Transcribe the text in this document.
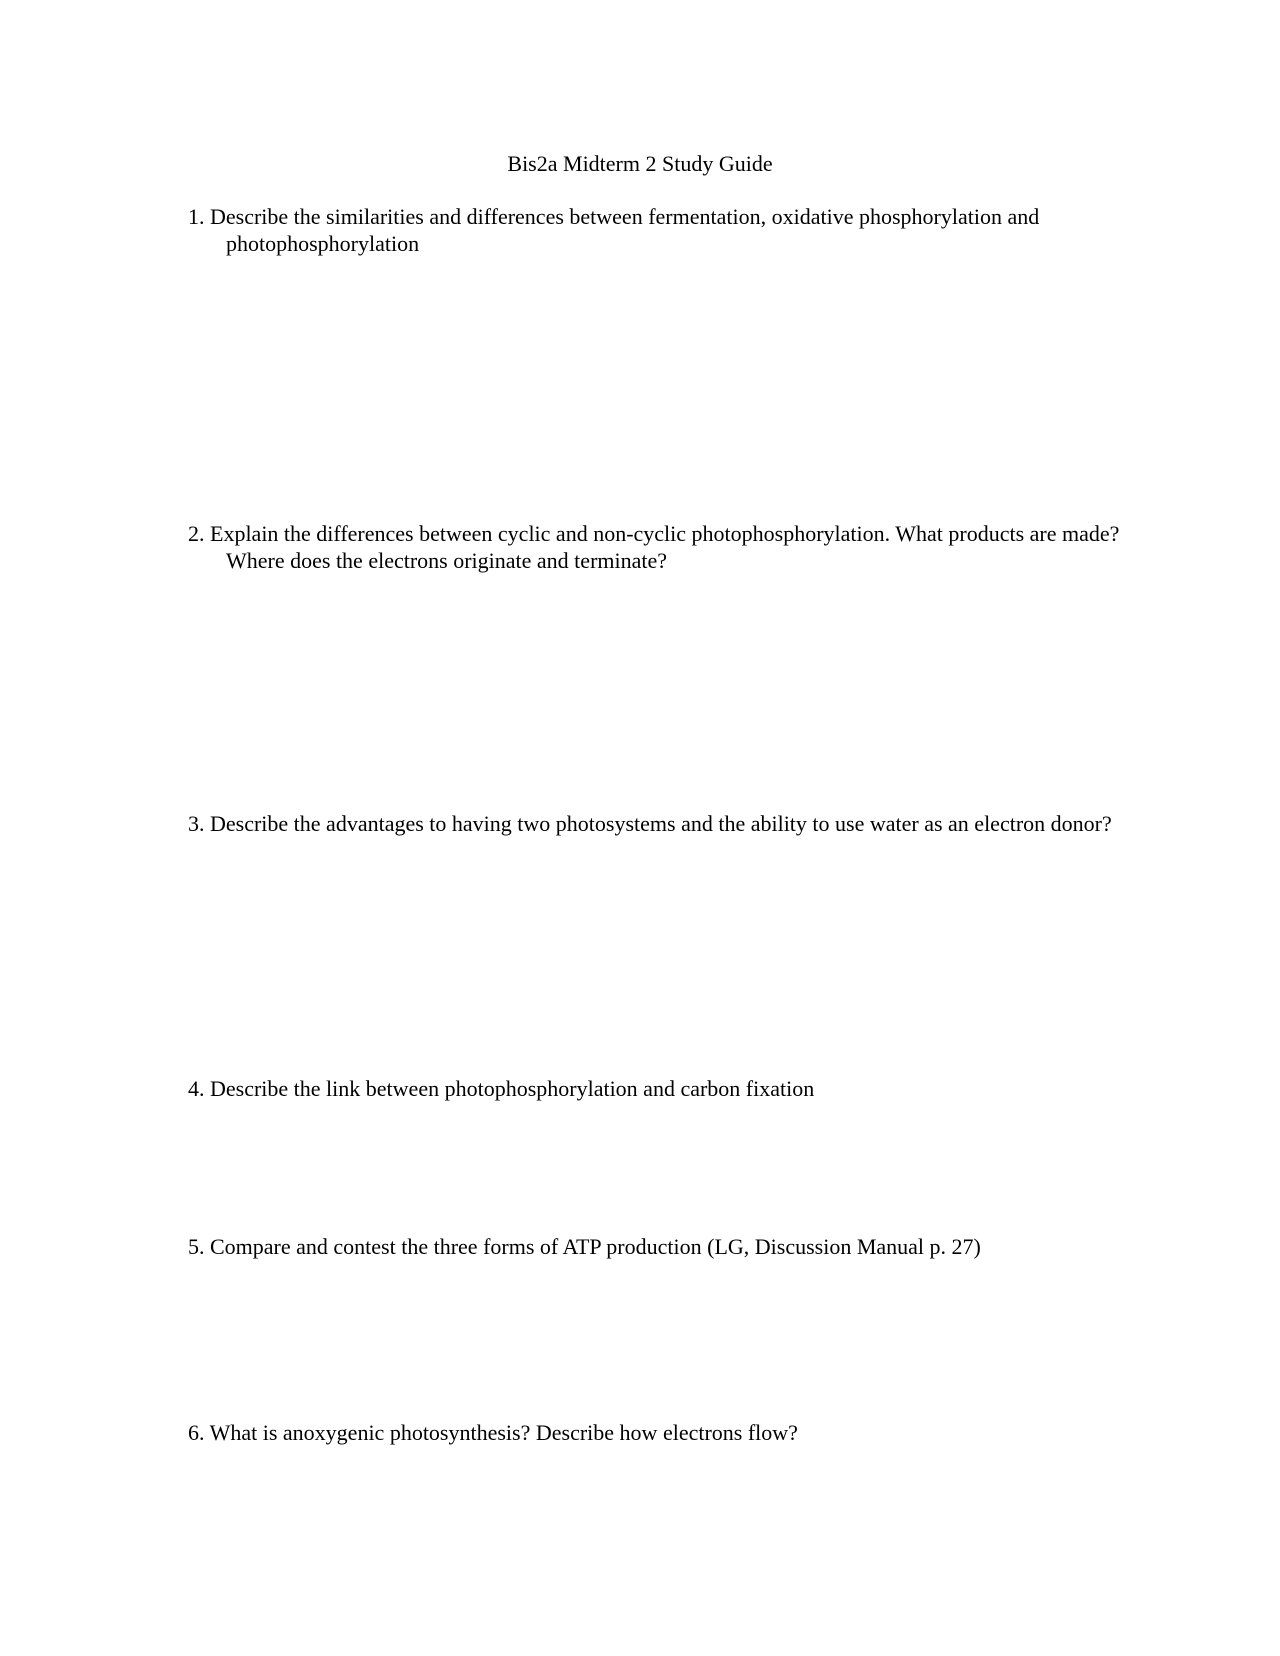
Bis2a Midterm 2 Study Guide
1. Describe the similarities and differences between fermentation, oxidative phosphorylation and photophosphorylation
2. Explain the differences between cyclic and non-cyclic photophosphorylation. What products are made? Where does the electrons originate and terminate?
3. Describe the advantages to having two photosystems and the ability to use water as an electron donor?
4. Describe the link between photophosphorylation and carbon fixation
5. Compare and contest the three forms of ATP production (LG, Discussion Manual p. 27)
6. What is anoxygenic photosynthesis? Describe how electrons flow?
